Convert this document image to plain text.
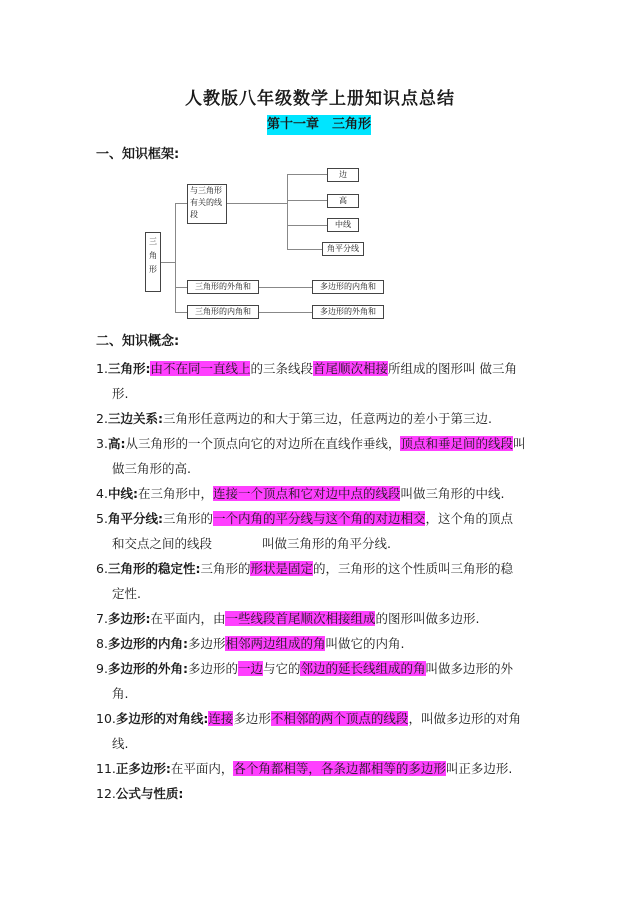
人教版八年级数学上册知识点总结
第十一章　三角形
一、知识框架:
三角形
与三角形有关的线段
边
高
中线
角平分线
三角形的外角和
三角形的内角和
多边形的内角和
多边形的外角和
二、知识概念:
1.三角形:由不在同一直线上的三条线段首尾顺次相接所组成的图形叫 做三角
形.
2.三边关系:三角形任意两边的和大于第三边，任意两边的差小于第三边.
3.高:从三角形的一个顶点向它的对边所在直线作垂线，顶点和垂足间的线段叫
做三角形的高.
4.中线:在三角形中，连接一个顶点和它对边中点的线段叫做三角形的中线.
5.角平分线:三角形的一个内角的平分线与这个角的对边相交，这个角的顶点
和交点之间的线段　　　　叫做三角形的角平分线.
6.三角形的稳定性:三角形的形状是固定的，三角形的这个性质叫三角形的稳
定性.
7.多边形:在平面内，由一些线段首尾顺次相接组成的图形叫做多边形.
8.多边形的内角:多边形相邻两边组成的角叫做它的内角.
9.多边形的外角:多边形的一边与它的邻边的延长线组成的角叫做多边形的外
角.
10.多边形的对角线:连接多边形不相邻的两个顶点的线段，叫做多边形的对角
线.
11.正多边形:在平面内，各个角都相等，各条边都相等的多边形叫正多边形.
12.公式与性质:
